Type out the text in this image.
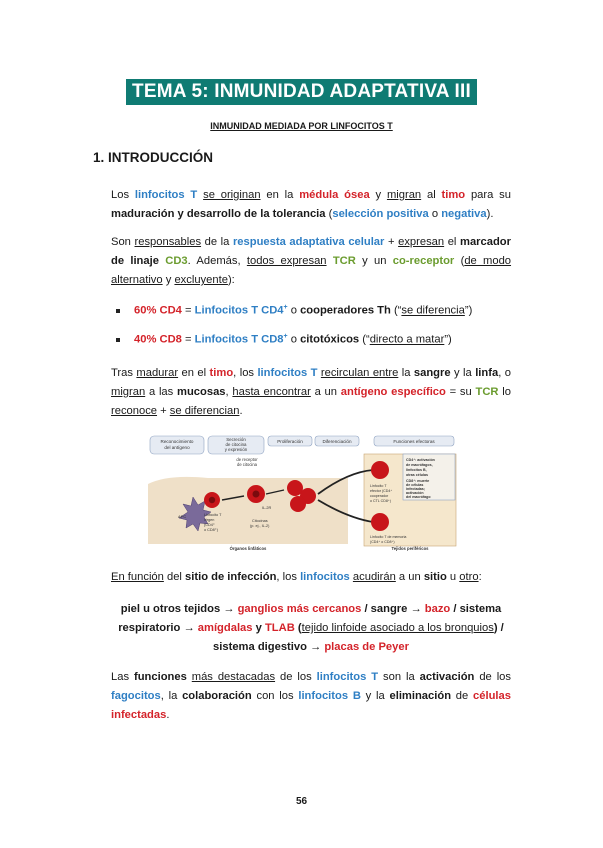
TEMA 5: INMUNIDAD ADAPTATIVA III
INMUNIDAD MEDIADA POR LINFOCITOS T
1. INTRODUCCIÓN
Los linfocitos T se originan en la médula ósea y migran al timo para su maduración y desarrollo de la tolerancia (selección positiva o negativa).
Son responsables de la respuesta adaptativa celular + expresan el marcador de linaje CD3. Además, todos expresan TCR y un co-receptor (de modo alternativo y excluyente):
60% CD4 = Linfocitos T CD4+ o cooperadores Th (“se diferencia”)
40% CD8 = Linfocitos T CD8+ o citotóxicos (“directo a matar”)
Tras madurar en el timo, los linfocitos T recirculan entre la sangre y la linfa, o migran a las mucosas, hasta encontrar a un antígeno específico = su TCR lo reconoce + se diferencian.
Reconocimiento
del antígeno
Secreción
de citocina
y expresión
de receptor
de citocina
Proliferación	Diferenciación	Funciones efectoras
APC	Linfocito T
virgen
(CD4⁺
o CD8⁺)
IL-2R
Citocinas
(p. ej., IL-2)
Linfocito T
efector (CD4⁺
cooperador
o CTL CD8⁺)
Linfocito T de memoria
(CD4⁺ o CD8⁺)
CD4⁺: activación
de macrófagos,
linfocitos B,
otras células
CD8⁺: muerte
de células
infectadas;
activación
del macrófago
Órganos linfáticos	Tejidos periféricos
En función del sitio de infección, los linfocitos acudirán a un sitio u otro:
piel u otros tejidos → ganglios más cercanos / sangre → bazo / sistema respiratorio → amígdalas y TLAB (tejido linfoide asociado a los bronquios) / sistema digestivo → placas de Peyer
Las funciones más destacadas de los linfocitos T son la activación de los fagocitos, la colaboración con los linfocitos B y la eliminación de células infectadas.
56
